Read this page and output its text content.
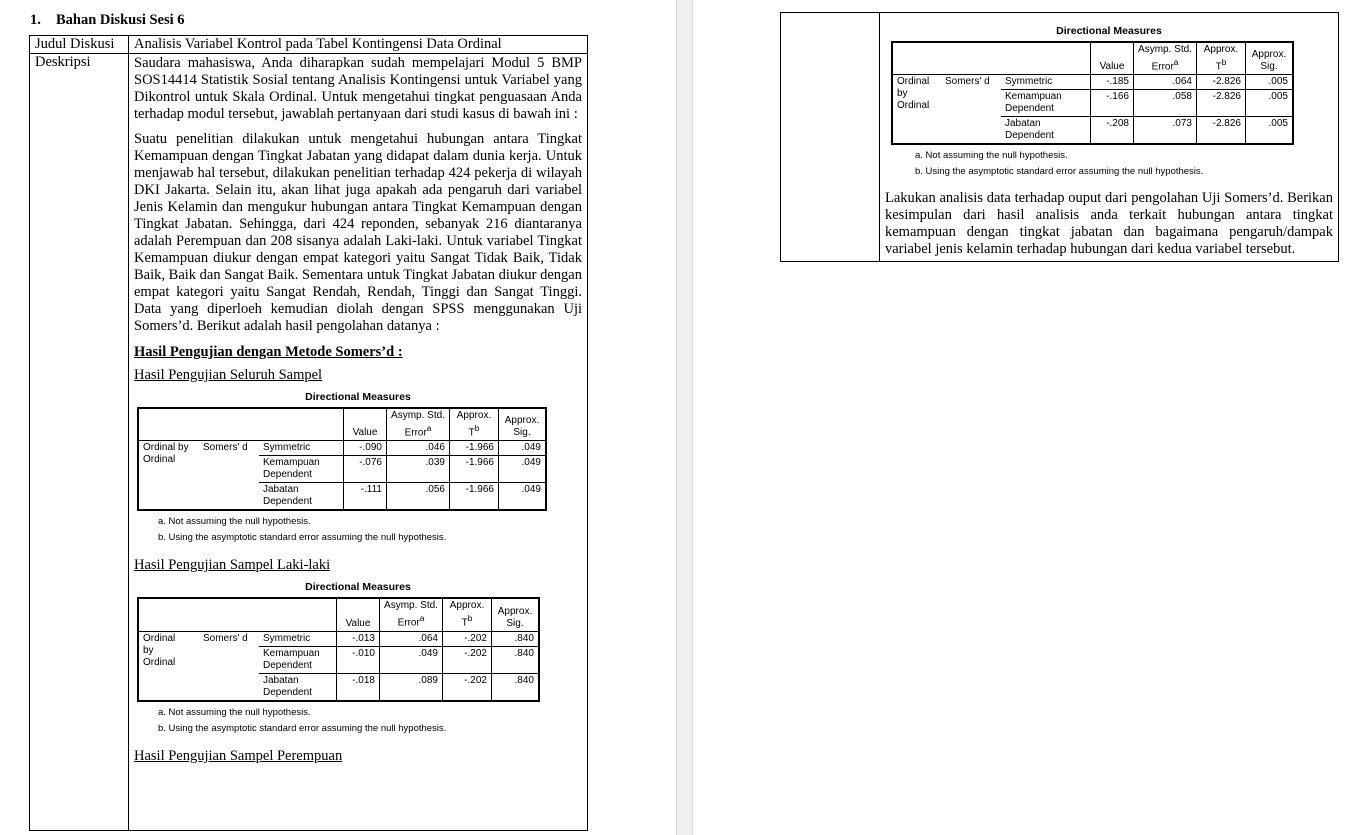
1. Bahan Diskusi Sesi 6
Judul Diskusi	Analisis Variabel Kontrol pada Tabel Kontingensi Data Ordinal
Deskripsi	Saudara mahasiswa, Anda diharapkan sudah mempelajari Modul 5 BMP SOS14414 Statistik Sosial tentang Analisis Kontingensi untuk Variabel yang Dikontrol untuk Skala Ordinal. Untuk mengetahui tingkat penguasaan Anda terhadap modul tersebut, jawablah pertanyaan dari studi kasus di bawah ini :

Suatu penelitian dilakukan untuk mengetahui hubungan antara Tingkat Kemampuan dengan Tingkat Jabatan yang didapat dalam dunia kerja. Untuk menjawab hal tersebut, dilakukan penelitian terhadap 424 pekerja di wilayah DKI Jakarta. Selain itu, akan lihat juga apakah ada pengaruh dari variabel Jenis Kelamin dan mengukur hubungan antara Tingkat Kemampuan dengan Tingkat Jabatan. Sehingga, dari 424 reponden, sebanyak 216 diantaranya adalah Perempuan dan 208 sisanya adalah Laki-laki. Untuk variabel Tingkat Kemampuan diukur dengan empat kategori yaitu Sangat Tidak Baik, Tidak Baik, Baik dan Sangat Baik. Sementara untuk Tingkat Jabatan diukur dengan empat kategori yaitu Sangat Rendah, Rendah, Tinggi dan Sangat Tinggi. Data yang diperloeh kemudian diolah dengan SPSS menggunakan Uji Somers’d. Berikut adalah hasil pengolahan datanya :

Hasil Pengujian dengan Metode Somers’d :
Hasil Pengujian Seluruh Sampel
Directional Measures
	Value	Asymp. Std. Error$^a$	Approx. $T^b$	Approx. Sig.
Ordinal by Ordinal	Somers' d	Symmetric	-.090	.046	-1.966	.049
Kemampuan Dependent	-.076	.039	-1.966	.049
Jabatan Dependent	-.111	.056	-1.966	.049
a. Not assuming the null hypothesis.
b. Using the asymptotic standard error assuming the null hypothesis.
Hasil Pengujian Sampel Laki-laki
Directional Measures
	Value	Asymp. Std. Error$^a$	Approx. $T^b$	Approx. Sig.
Ordinal
by
Ordinal	Somers' d	Symmetric	-.013	.064	-.202	.840
Kemampuan Dependent	-.010	.049	-.202	.840
Jabatan Dependent	-.018	.089	-.202	.840
a. Not assuming the null hypothesis.
b. Using the asymptotic standard error assuming the null hypothesis.
Hasil Pengujian Sampel Perempuan

Directional Measures
	Value	Asymp. Std. Error$^a$	Approx. $T^b$	Approx. Sig.
Ordinal
by
Ordinal	Somers' d	Symmetric	-.185	.064	-2.826	.005
Kemampuan Dependent	-.166	.058	-2.826	.005
Jabatan Dependent	-.208	.073	-2.826	.005
a. Not assuming the null hypothesis.
b. Using the asymptotic standard error assuming the null hypothesis.

Lakukan analisis data terhadap ouput dari pengolahan Uji Somers’d. Berikan kesimpulan dari hasil analisis anda terkait hubungan antara tingkat kemampuan dengan tingkat jabatan dan bagaimana pengaruh/dampak variabel jenis kelamin terhadap hubungan dari kedua variabel tersebut.
